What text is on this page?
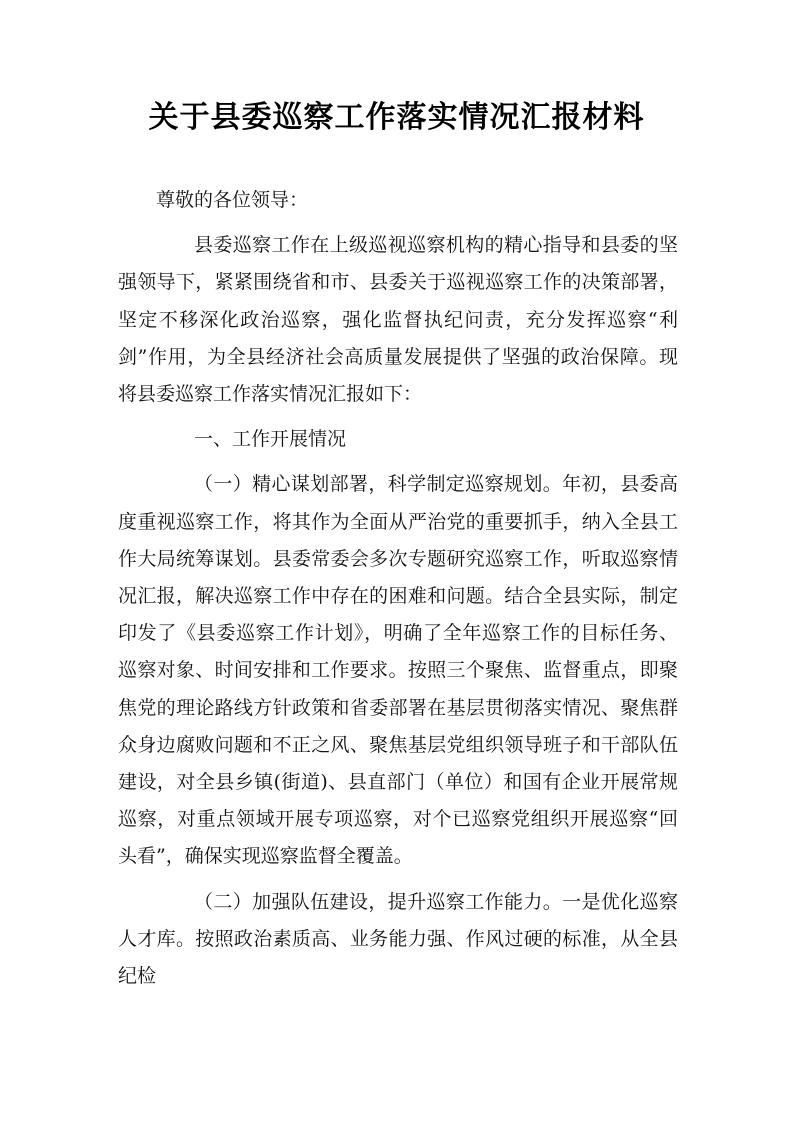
关于县委巡察工作落实情况汇报材料

尊敬的各位领导：

县委巡察工作在上级巡视巡察机构的精心指导和县委的坚强领导下，紧紧围绕省和市、县委关于巡视巡察工作的决策部署，坚定不移深化政治巡察，强化监督执纪问责，充分发挥巡察“利剑”作用，为全县经济社会高质量发展提供了坚强的政治保障。现将县委巡察工作落实情况汇报如下：

一、工作开展情况

（一）精心谋划部署，科学制定巡察规划。年初，县委高度重视巡察工作，将其作为全面从严治党的重要抓手，纳入全县工作大局统筹谋划。县委常委会多次专题研究巡察工作，听取巡察情况汇报，解决巡察工作中存在的困难和问题。结合全县实际，制定印发了《县委巡察工作计划》，明确了全年巡察工作的目标任务、巡察对象、时间安排和工作要求。按照三个聚焦、监督重点，即聚焦党的理论路线方针政策和省委部署在基层贯彻落实情况、聚焦群众身边腐败问题和不正之风、聚焦基层党组织领导班子和干部队伍建设，对全县乡镇(街道)、县直部门（单位）和国有企业开展常规巡察，对重点领域开展专项巡察，对个已巡察党组织开展巡察“回头看”，确保实现巡察监督全覆盖。

（二）加强队伍建设，提升巡察工作能力。一是优化巡察人才库。按照政治素质高、业务能力强、作风过硬的标准，从全县纪检
